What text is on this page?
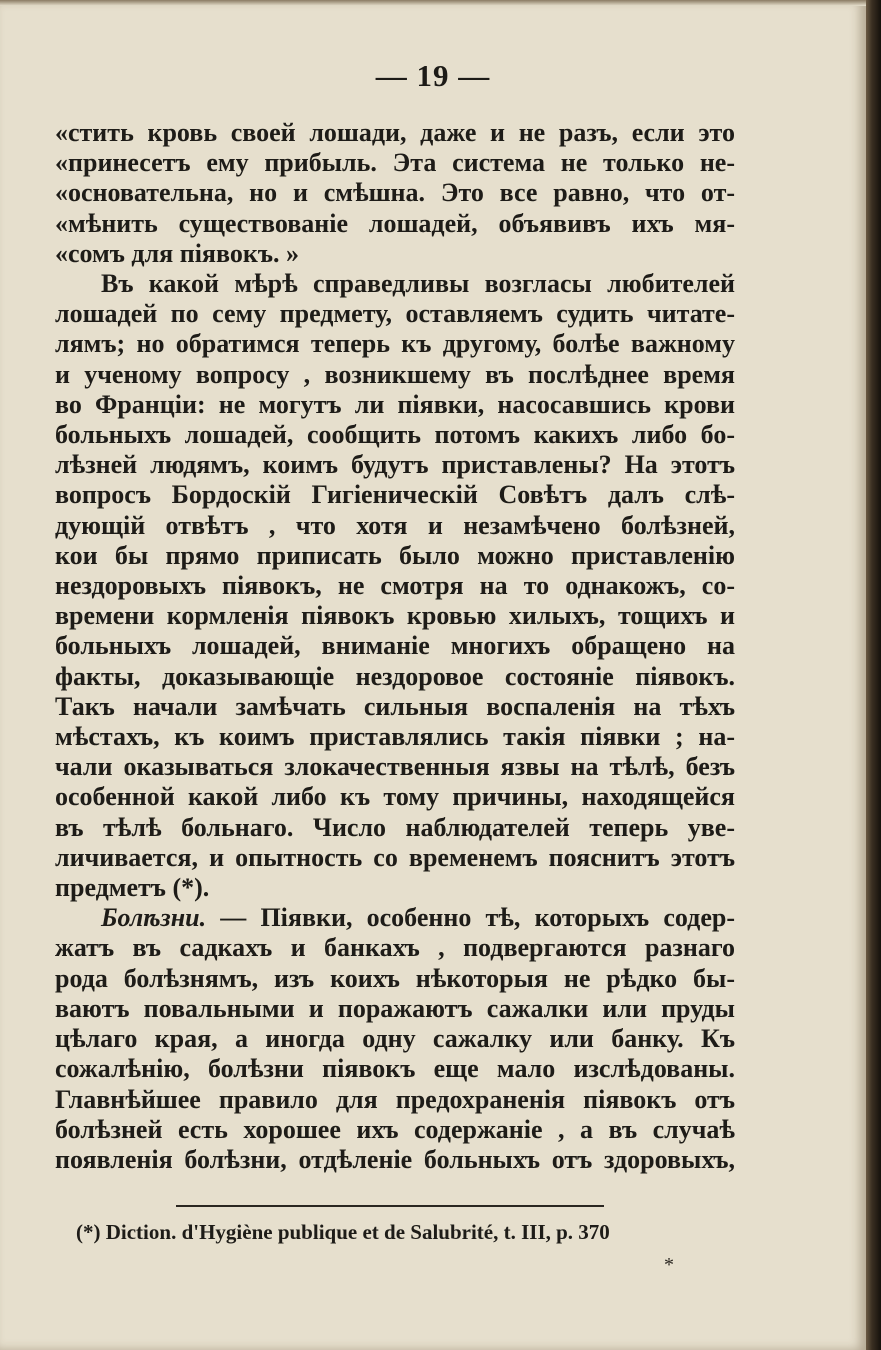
— 19 —
«стить кровь своей лошади, даже и не разъ, если это
«принесетъ ему прибыль. Эта система не только не-
«основательна, но и смѣшна. Это все равно, что от-
«мѣнить существованіе лошадей, объявивъ ихъ мя-
«сомъ для піявокъ. »
Въ какой мѣрѣ справедливы возгласы любителей
лошадей по сему предмету, оставляемъ судить читате-
лямъ; но обратимся теперь къ другому, болѣе важному
и ученому вопросу , возникшему въ послѣднее время
во Франціи: не могутъ ли піявки, насосавшись крови
больныхъ лошадей, сообщить потомъ какихъ либо бо-
лѣзней людямъ, коимъ будутъ приставлены? На этотъ
вопросъ Бордоскій Гигіеническій Совѣтъ далъ слѣ-
дующій отвѣтъ , что хотя и незамѣчено болѣзней,
кои бы прямо приписать было можно приставленію
нездоровыхъ піявокъ, не смотря на то однакожъ, со-
времени кормленія піявокъ кровью хилыхъ, тощихъ и
больныхъ лошадей, вниманіе многихъ обращено на
факты, доказывающіе нездоровое состояніе піявокъ.
Такъ начали замѣчать сильныя воспаленія на тѣхъ
мѣстахъ, къ коимъ приставлялись такія піявки ; на-
чали оказываться злокачественныя язвы на тѣлѣ, безъ
особенной какой либо къ тому причины, находящейся
въ тѣлѣ больнаго. Число наблюдателей теперь уве-
личивается, и опытность со временемъ пояснитъ этотъ
предметъ (*).
Болѣзни. — Піявки, особенно тѣ, которыхъ содер-
жатъ въ садкахъ и банкахъ , подвергаются разнаго
рода болѣзнямъ, изъ коихъ нѣкоторыя не рѣдко бы-
ваютъ повальными и поражаютъ сажалки или пруды
цѣлаго края, а иногда одну сажалку или банку. Къ
сожалѣнію, болѣзни піявокъ еще мало изслѣдованы.
Главнѣйшее правило для предохраненія піявокъ отъ
болѣзней есть хорошее ихъ содержаніе , а въ случаѣ
появленія болѣзни, отдѣленіе больныхъ отъ здоровыхъ,
(*) Diction. d'Hygiène publique et de Salubrité, t. III, p. 370
*
